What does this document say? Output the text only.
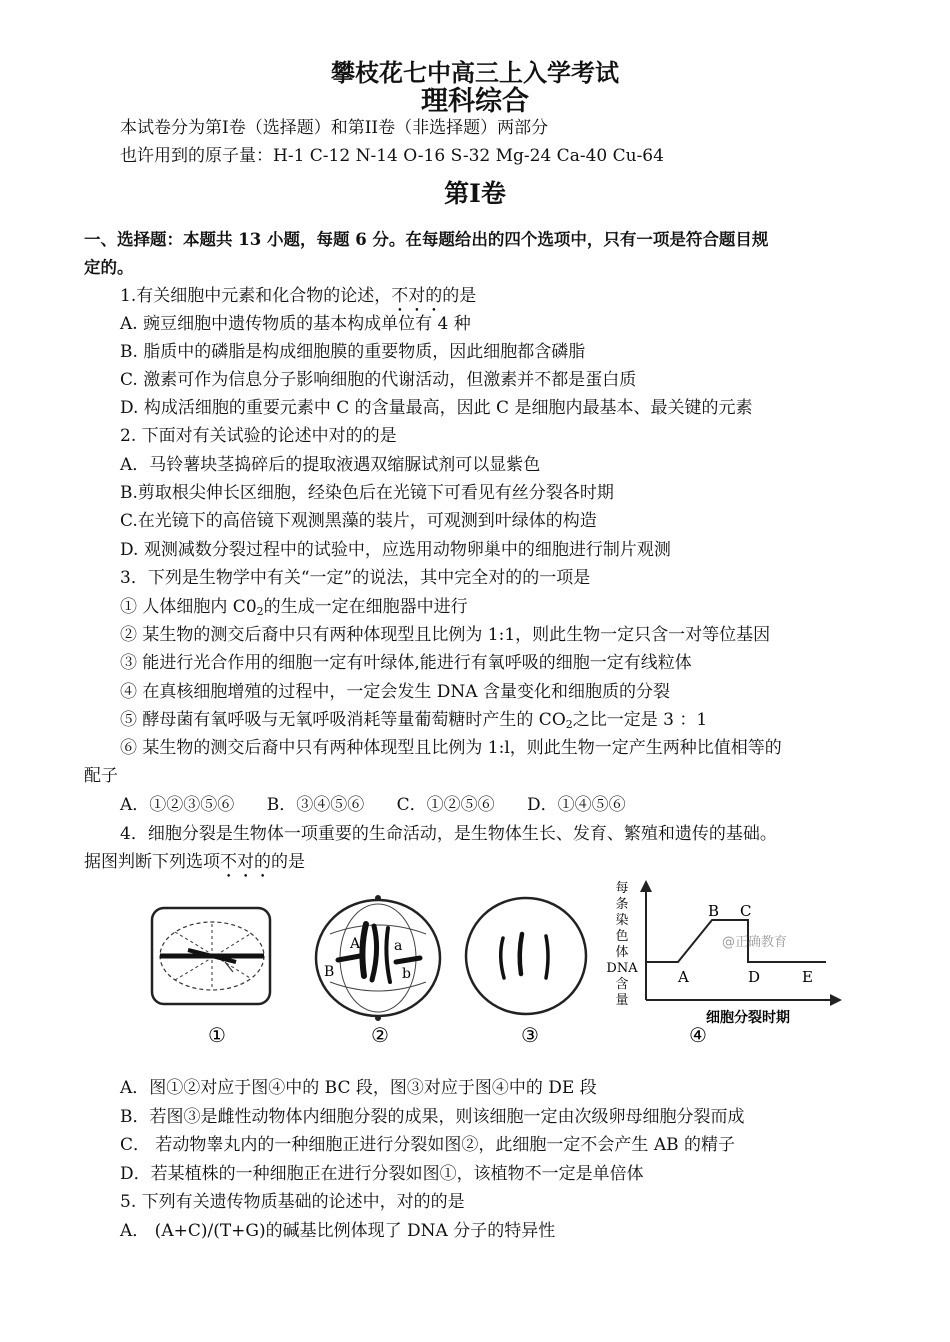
攀枝花七中高三上入学考试
理科综合
本试卷分为第I卷（选择题）和第II卷（非选择题）两部分
也许用到的原子量：H-1 C-12 N-14 O-16 S-32 Mg-24 Ca-40 Cu-64
第I卷
一、选择题：本题共 13 小题，每题 6 分。在每题给出的四个选项中，只有一项是符合题目规
定的。
1.有关细胞中元素和化合物的论述，不对的的是
A. 豌豆细胞中遗传物质的基本构成单位有 4 种
B. 脂质中的磷脂是构成细胞膜的重要物质，因此细胞都含磷脂
C. 激素可作为信息分子影响细胞的代谢活动，但激素并不都是蛋白质
D. 构成活细胞的重要元素中 C 的含量最高，因此 C 是细胞内最基本、最关键的元素
2. 下面对有关试验的论述中对的的是
A．马铃薯块茎捣碎后的提取液遇双缩脲试剂可以显紫色
B.剪取根尖伸长区细胞，经染色后在光镜下可看见有丝分裂各时期
C.在光镜下的高倍镜下观测黑藻的装片，可观测到叶绿体的构造
D. 观测减数分裂过程中的试验中，应选用动物卵巢中的细胞进行制片观测
3．下列是生物学中有关“一定”的说法，其中完全对的的一项是
① 人体细胞内 $C0_2$的生成一定在细胞器中进行
② 某生物的测交后裔中只有两种体现型且比例为 1:1，则此生物一定只含一对等位基因
③ 能进行光合作用的细胞一定有叶绿体,能进行有氧呼吸的细胞一定有线粒体
④ 在真核细胞增殖的过程中，一定会发生 DNA 含量变化和细胞质的分裂
⑤ 酵母菌有氧呼吸与无氧呼吸消耗等量葡萄糖时产生的 $CO_2$之比一定是 3 ：1
⑥ 某生物的测交后裔中只有两种体现型且比例为 1:l，则此生物一定产生两种比值相等的
配子
A．①②③⑤⑥      B．③④⑤⑥      C．①②⑤⑥      D．①④⑤⑥
4．细胞分裂是生物体一项重要的生命活动，是生物体生长、发育、繁殖和遗传的基础。
据图判断下列选项不对的的是
①
A a
B	b
②	③
每
条
染
色
体
DNA
含
量
A
B C
D	E
@正确教育
细胞分裂时期
④
A．图①②对应于图④中的 BC 段，图③对应于图④中的 DE 段
B．若图③是雌性动物体内细胞分裂的成果，则该细胞一定由次级卵母细胞分裂而成
C． 若动物睾丸内的一种细胞正进行分裂如图②，此细胞一定不会产生 AB 的精子
D．若某植株的一种细胞正在进行分裂如图①，该植物不一定是单倍体
5. 下列有关遗传物质基础的论述中，对的的是
A． (A+C)/(T+G)的碱基比例体现了 DNA 分子的特异性
